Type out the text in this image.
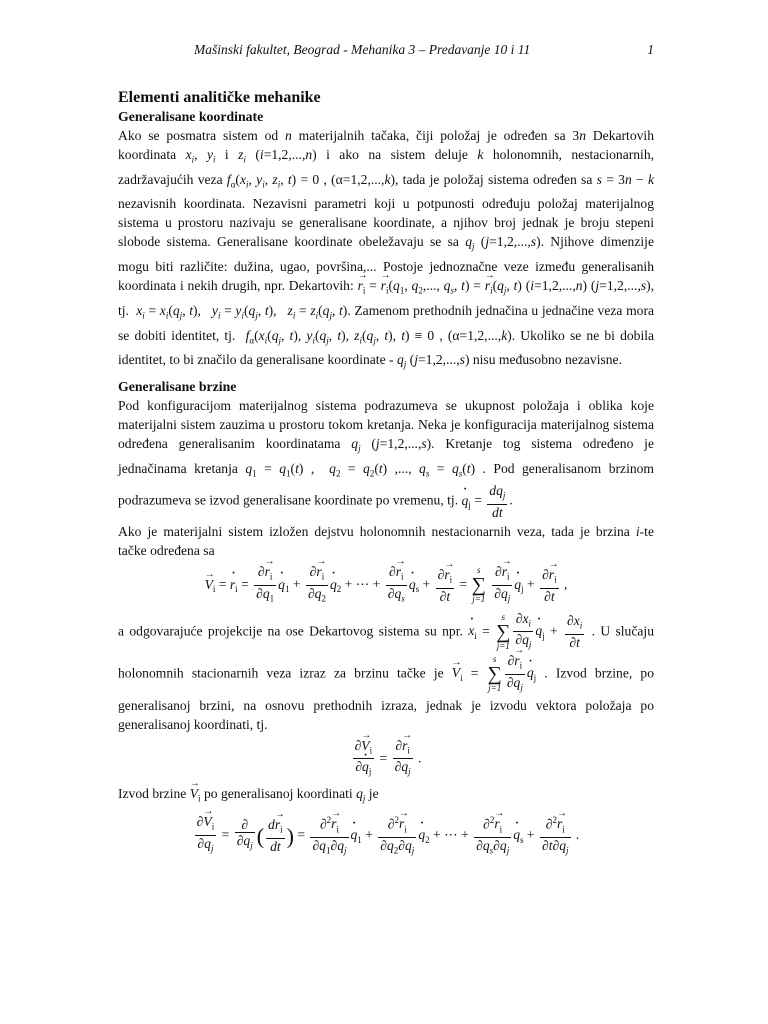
Mašinski fakultet, Beograd - Mehanika 3 – Predavanje 10 i 11	1
Elementi analitičke mehanike
Generalisane koordinate

Ako se posmatra sistem od n materijalnih tačaka, čiji položaj je određen sa 3n Dekartovih koordinata $x_i$, $y_i$ i $z_i$ (i=1,2,...,n) i ako na sistem deluje k holonomnih, nestacionarnih, zadržavajućih veza $f_\alpha(x_i$, $y_i$, $z_i$, t) = 0 , (α=1,2,...,k), tada je položaj sistema određen sa s = 3n − k nezavisnih koordinata. Nezavisni parametri koji u potpunosti određuju položaj materijalnog sistema u prostoru nazivaju se generalisane koordinate, a njihov broj jednak je broju stepeni slobode sistema. Generalisane koordinate obeležavaju se sa $q_j$ (j=1,2,...,s). Njihove dimenzije mogu biti različite: dužina, ugao, površina,... Postoje jednoznačne veze između generalisanih koordinata i nekih drugih, npr. Dekartovih: → $r_i$ = → $r_i(q_1$, $q_2$,..., $q_s$, t) = → $r_i(q_j$, t) (i=1,2,...,n) (j=1,2,...,s), tj.  $x_i = x_i(q_j$, t),   $y_i = y_i(q_j$, t),   $z_i = z_i(q_j$, t). Zamenom prethodnih jednačina u jednačine veza mora se dobiti identitet, tj.  $f_\alpha(x_i(q_j$, t), $y_i(q_j$, t), $z_i(q_j$, t), t) ≡ 0 , (α=1,2,...,k). Ukoliko se ne bi dobila identitet, to bi značilo da generalisane koordinate - $q_j$ (j=1,2,...,s) nisu međusobno nezavisne.

Generalisane brzine

Pod konfiguracijom materijalnog sistema podrazumeva se ukupnost položaja i oblika koje materijalni sistem zauzima u prostoru tokom kretanja. Neka je konfiguracija materijalnog sistema određena generalisanim koordinatama $q_j$ (j=1,2,...,s). Kretanje tog sistema određeno je jednačinama kretanja $q_1 = q_1(t)$ ,  $q_2 = q_2(t)$ ,..., $q_s = q_s(t)$ . Pod generalisanom brzinom podrazumeva se izvod generalisane koordinate po vremenu, tj. · $q_j = \frac{dq_j}{dt}$ .

Ako je materijalni sistem izložen dejstvu holonomnih nestacionarnih veza, tada je brzina i-te tačke određena sa

→ $V_i$ = · $r_i = \frac{\partial\to r_i}{\partial q_1}$
· $q_1 + \frac{\partial\to r_i}{\partial q_2}$
· $q_2$ + ⋯ + $\frac{\partial\to r_i}{\partial q_s}$
· $q_s + \frac{\partial\to r_i}{\partial t}$ =
s
∑
j=1
$\frac{\partial\to r_i}{\partial q_j}$
· $q_j + \frac{\partial\to r_i}{\partial t}$ ,

a odgovarajuće projekcije na ose Dekartovog sistema su npr. · $x_i$ =
s
∑
$j=1 \frac{\partial x_i}{\partial q_j}$
· $q_j + \frac{\partial x_i}{\partial t}$ . U slučaju holonomnih stacionarnih veza izraz za brzinu tačke je → $V_i$ =
s
∑
$j=1 \frac{\partial\to r_i}{\partial q_j}$
· $q_j$ . Izvod brzine, po generalisanoj brzini, na osnovu prethodnih izraza, jednak je izvodu vektora položaja po generalisanoj koordinati, tj.

$\frac{\partial\to V_i}{\partial\cdot q_j} = \frac{\partial\to r_i}{\partial q_j}$ .

Izvod brzine → $V_i$ po generalisanoj koordinati $q_j$ je

$\frac{\partial\to V_i}{\partial q_j} = \frac{\partial}{\partial q_j}$ ( $\frac{d\to r_i}{dt}$ ) = $\frac{\partial^2\to r_i}{\partial q_1\partial q_j}$
· $q_1 + \frac{\partial^2\to r_i}{\partial q_2\partial q_j}$
· $q_2$ + ⋯ + $\frac{\partial^2\to r_i}{\partial q_s\partial q_j}$
· $q_s + \frac{\partial^2\to r_i}{\partial t\partial q_j}$ .
